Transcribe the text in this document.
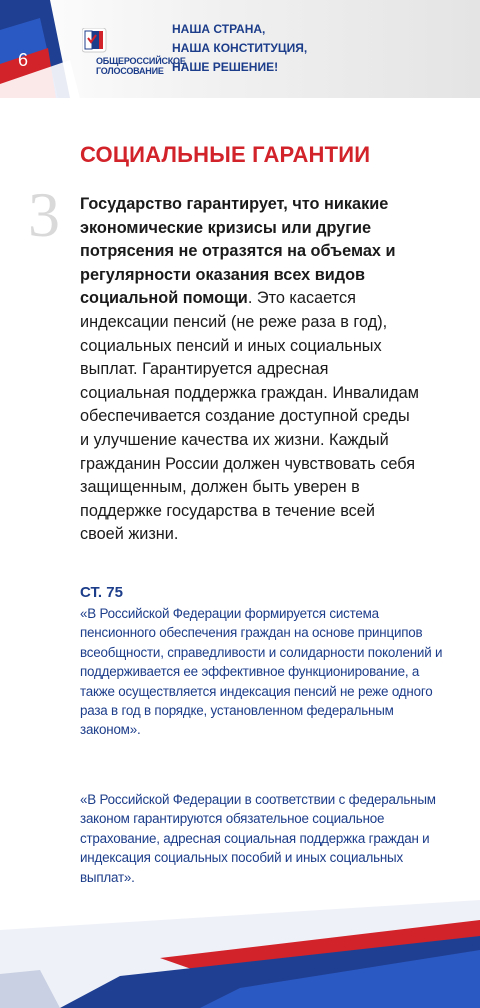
6	ОБЩЕРОССИЙСКОЕ
ГОЛОСОВАНИЕ
НАША СТРАНА,
НАША КОНСТИТУЦИЯ,
НАШЕ РЕШЕНИЕ!
СОЦИАЛЬНЫЕ ГАРАНТИИ
3 Государство гарантирует, что никакие экономические кризисы или другие потрясения не отразятся на объемах и регулярности оказания всех видов социальной помощи. Это касается индексации пенсий (не реже раза в год), социальных пенсий и иных социальных выплат. Гарантируется адресная социальная поддержка граждан. Инвалидам обеспечивается создание доступной среды и улучшение качества их жизни. Каждый гражданин России должен чувствовать себя защищенным, должен быть уверен в поддержке государства в течение всей своей жизни.
СТ. 75
«В Российской Федерации формируется система пенсионного обеспечения граждан на основе принципов всеобщности, справедливости и солидарности поколений и поддерживается ее эффективное функционирование, а также осуществляется индексация пенсий не реже одного раза в год в порядке, установленном федеральным законом».
«В Российской Федерации в соответствии с федеральным законом гарантируются обязательное социальное страхование, адресная социальная поддержка граждан и индексация социальных пособий и иных социальных выплат».
